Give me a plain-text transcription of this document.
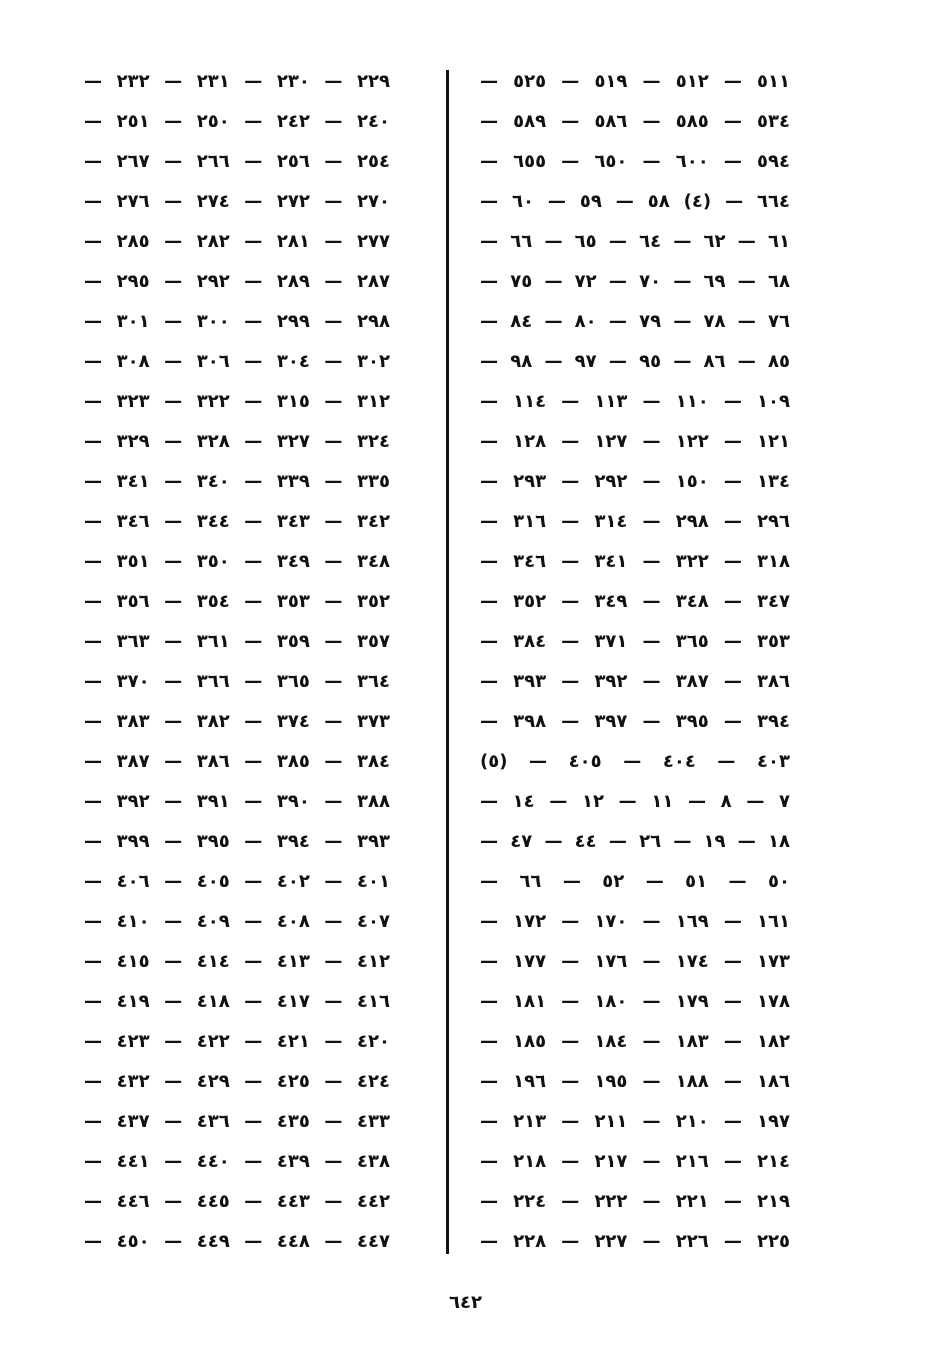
٥١١ — ٥١٢ — ٥١٩ — ٥٢٥ —
٥٣٤ — ٥٨٥ — ٥٨٦ — ٥٨٩ —
٥٩٤ — ٦٠٠ — ٦٥٠ — ٦٥٥ —
٦٦٤ — (٤) ٥٨ — ٥٩ — ٦٠ —
٦١ — ٦٢ — ٦٤ — ٦٥ — ٦٦ —
٦٨ — ٦٩ — ٧٠ — ٧٢ — ٧٥ —
٧٦ — ٧٨ — ٧٩ — ٨٠ — ٨٤ —
٨٥ — ٨٦ — ٩٥ — ٩٧ — ٩٨ —
١٠٩ — ١١٠ — ١١٣ — ١١٤ —
١٢١ — ١٢٢ — ١٢٧ — ١٢٨ —
١٣٤ — ١٥٠ — ٢٩٢ — ٢٩٣ —
٢٩٦ — ٢٩٨ — ٣١٤ — ٣١٦ —
٣١٨ — ٣٢٢ — ٣٤١ — ٣٤٦ —
٣٤٧ — ٣٤٨ — ٣٤٩ — ٣٥٢ —
٣٥٣ — ٣٦٥ — ٣٧١ — ٣٨٤ —
٣٨٦ — ٣٨٧ — ٣٩٢ — ٣٩٣ —
٣٩٤ — ٣٩٥ — ٣٩٧ — ٣٩٨ —
٤٠٣ — ٤٠٤ — ٤٠٥ — (٥)
٧ — ٨ — ١١ — ١٢ — ١٤ —
١٨ — ١٩ — ٢٦ — ٤٤ — ٤٧ —
٥٠ — ٥١ — ٥٢ — ٦٦ —
١٦١ — ١٦٩ — ١٧٠ — ١٧٢ —
١٧٣ — ١٧٤ — ١٧٦ — ١٧٧ —
١٧٨ — ١٧٩ — ١٨٠ — ١٨١ —
١٨٢ — ١٨٣ — ١٨٤ — ١٨٥ —
١٨٦ — ١٨٨ — ١٩٥ — ١٩٦ —
١٩٧ — ٢١٠ — ٢١١ — ٢١٣ —
٢١٤ — ٢١٦ — ٢١٧ — ٢١٨ —
٢١٩ — ٢٢١ — ٢٢٢ — ٢٢٤ —
٢٢٥ — ٢٢٦ — ٢٢٧ — ٢٢٨ —
٢٢٩ — ٢٣٠ — ٢٣١ — ٢٣٢ —
٢٤٠ — ٢٤٢ — ٢٥٠ — ٢٥١ —
٢٥٤ — ٢٥٦ — ٢٦٦ — ٢٦٧ —
٢٧٠ — ٢٧٢ — ٢٧٤ — ٢٧٦ —
٢٧٧ — ٢٨١ — ٢٨٢ — ٢٨٥ —
٢٨٧ — ٢٨٩ — ٢٩٢ — ٢٩٥ —
٢٩٨ — ٢٩٩ — ٣٠٠ — ٣٠١ —
٣٠٢ — ٣٠٤ — ٣٠٦ — ٣٠٨ —
٣١٢ — ٣١٥ — ٣٢٢ — ٣٢٣ —
٣٢٤ — ٣٢٧ — ٣٢٨ — ٣٢٩ —
٣٣٥ — ٣٣٩ — ٣٤٠ — ٣٤١ —
٣٤٢ — ٣٤٣ — ٣٤٤ — ٣٤٦ —
٣٤٨ — ٣٤٩ — ٣٥٠ — ٣٥١ —
٣٥٢ — ٣٥٣ — ٣٥٤ — ٣٥٦ —
٣٥٧ — ٣٥٩ — ٣٦١ — ٣٦٣ —
٣٦٤ — ٣٦٥ — ٣٦٦ — ٣٧٠ —
٣٧٣ — ٣٧٤ — ٣٨٢ — ٣٨٣ —
٣٨٤ — ٣٨٥ — ٣٨٦ — ٣٨٧ —
٣٨٨ — ٣٩٠ — ٣٩١ — ٣٩٢ —
٣٩٣ — ٣٩٤ — ٣٩٥ — ٣٩٩ —
٤٠١ — ٤٠٢ — ٤٠٥ — ٤٠٦ —
٤٠٧ — ٤٠٨ — ٤٠٩ — ٤١٠ —
٤١٢ — ٤١٣ — ٤١٤ — ٤١٥ —
٤١٦ — ٤١٧ — ٤١٨ — ٤١٩ —
٤٢٠ — ٤٢١ — ٤٢٢ — ٤٢٣ —
٤٢٤ — ٤٢٥ — ٤٢٩ — ٤٣٢ —
٤٣٣ — ٤٣٥ — ٤٣٦ — ٤٣٧ —
٤٣٨ — ٤٣٩ — ٤٤٠ — ٤٤١ —
٤٤٢ — ٤٤٣ — ٤٤٥ — ٤٤٦ —
٤٤٧ — ٤٤٨ — ٤٤٩ — ٤٥٠ —
٦٤٢
